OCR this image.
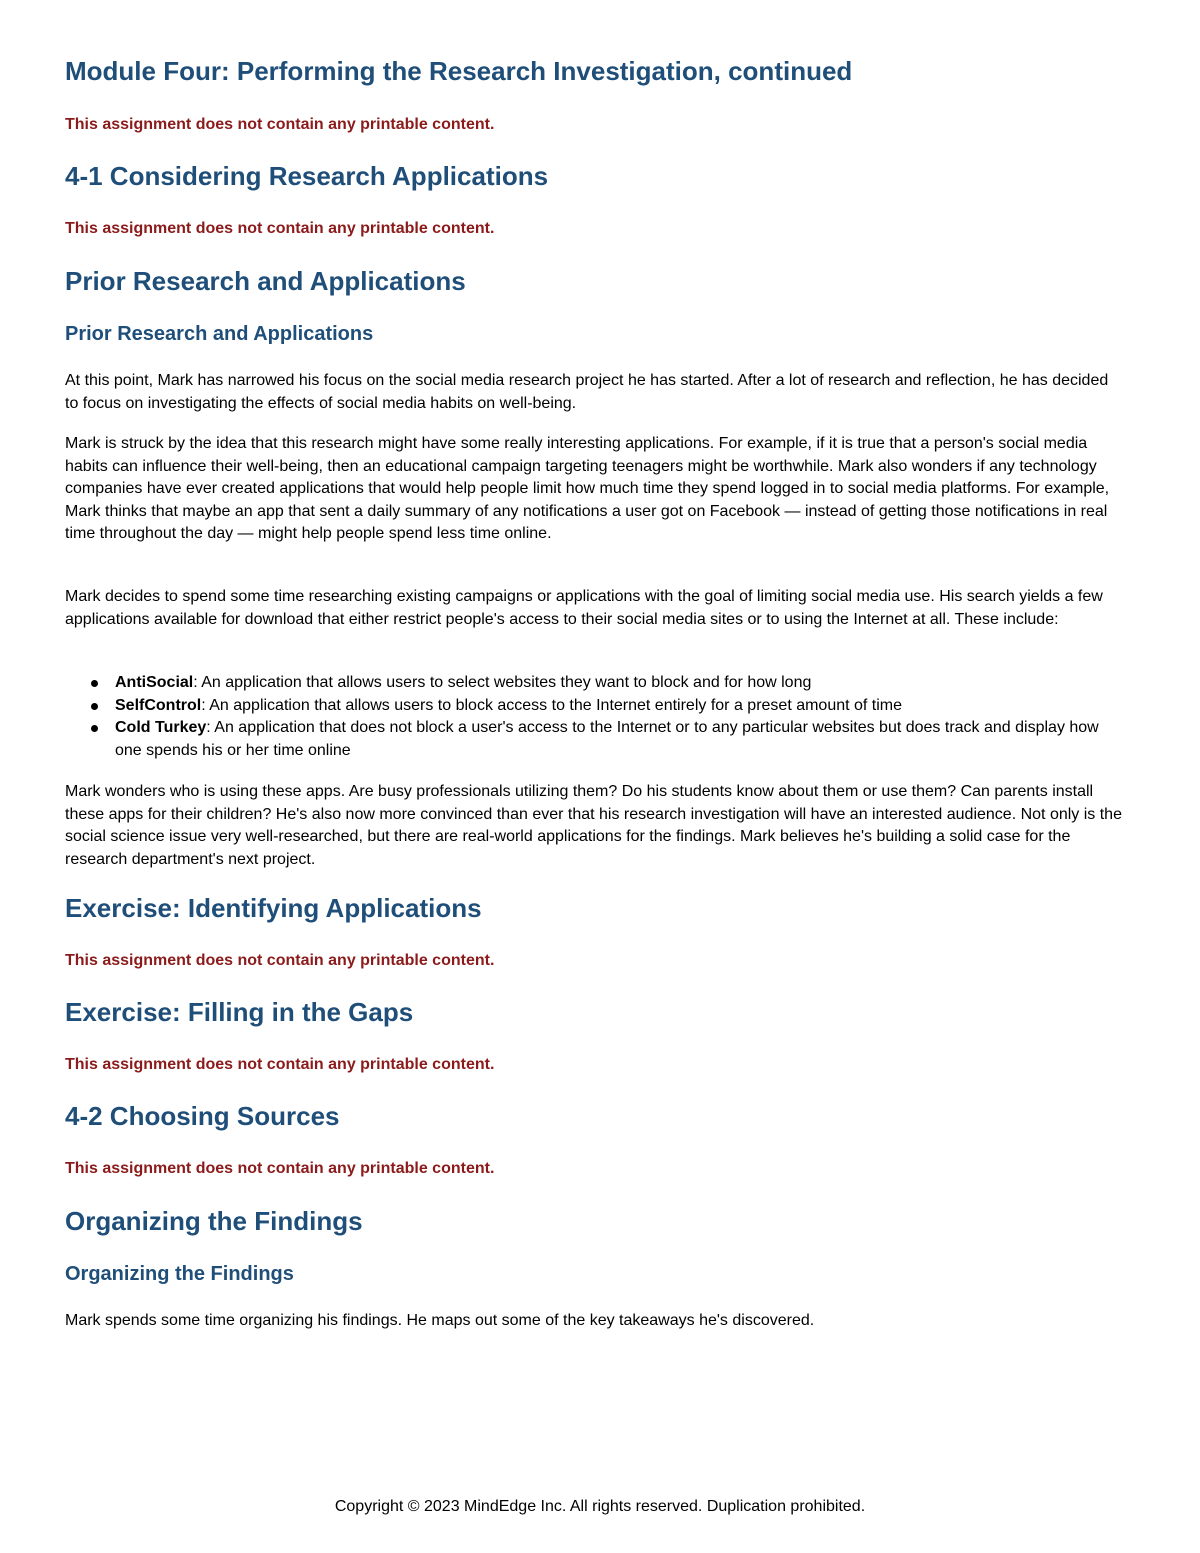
Module Four: Performing the Research Investigation, continued

This assignment does not contain any printable content.

4-1 Considering Research Applications

This assignment does not contain any printable content.

Prior Research and Applications
Prior Research and Applications

At this point, Mark has narrowed his focus on the social media research project he has started. After a lot of research and reflection, he has decided to focus on investigating the effects of social media habits on well-being.

Mark is struck by the idea that this research might have some really interesting applications. For example, if it is true that a person's social media habits can influence their well-being, then an educational campaign targeting teenagers might be worthwhile. Mark also wonders if any technology companies have ever created applications that would help people limit how much time they spend logged in to social media platforms. For example, Mark thinks that maybe an app that sent a daily summary of any notifications a user got on Facebook — instead of getting those notifications in real time throughout the day — might help people spend less time online.

Mark decides to spend some time researching existing campaigns or applications with the goal of limiting social media use. His search yields a few applications available for download that either restrict people's access to their social media sites or to using the Internet at all. These include:

AntiSocial: An application that allows users to select websites they want to block and for how long
SelfControl: An application that allows users to block access to the Internet entirely for a preset amount of time
Cold Turkey: An application that does not block a user's access to the Internet or to any particular websites but does track and display how one spends his or her time online

Mark wonders who is using these apps. Are busy professionals utilizing them? Do his students know about them or use them? Can parents install these apps for their children? He's also now more convinced than ever that his research investigation will have an interested audience. Not only is the social science issue very well-researched, but there are real-world applications for the findings. Mark believes he's building a solid case for the research department's next project.

Exercise: Identifying Applications

This assignment does not contain any printable content.

Exercise: Filling in the Gaps

This assignment does not contain any printable content.

4-2 Choosing Sources

This assignment does not contain any printable content.

Organizing the Findings
Organizing the Findings

Mark spends some time organizing his findings. He maps out some of the key takeaways he's discovered.

Copyright © 2023 MindEdge Inc. All rights reserved. Duplication prohibited.
